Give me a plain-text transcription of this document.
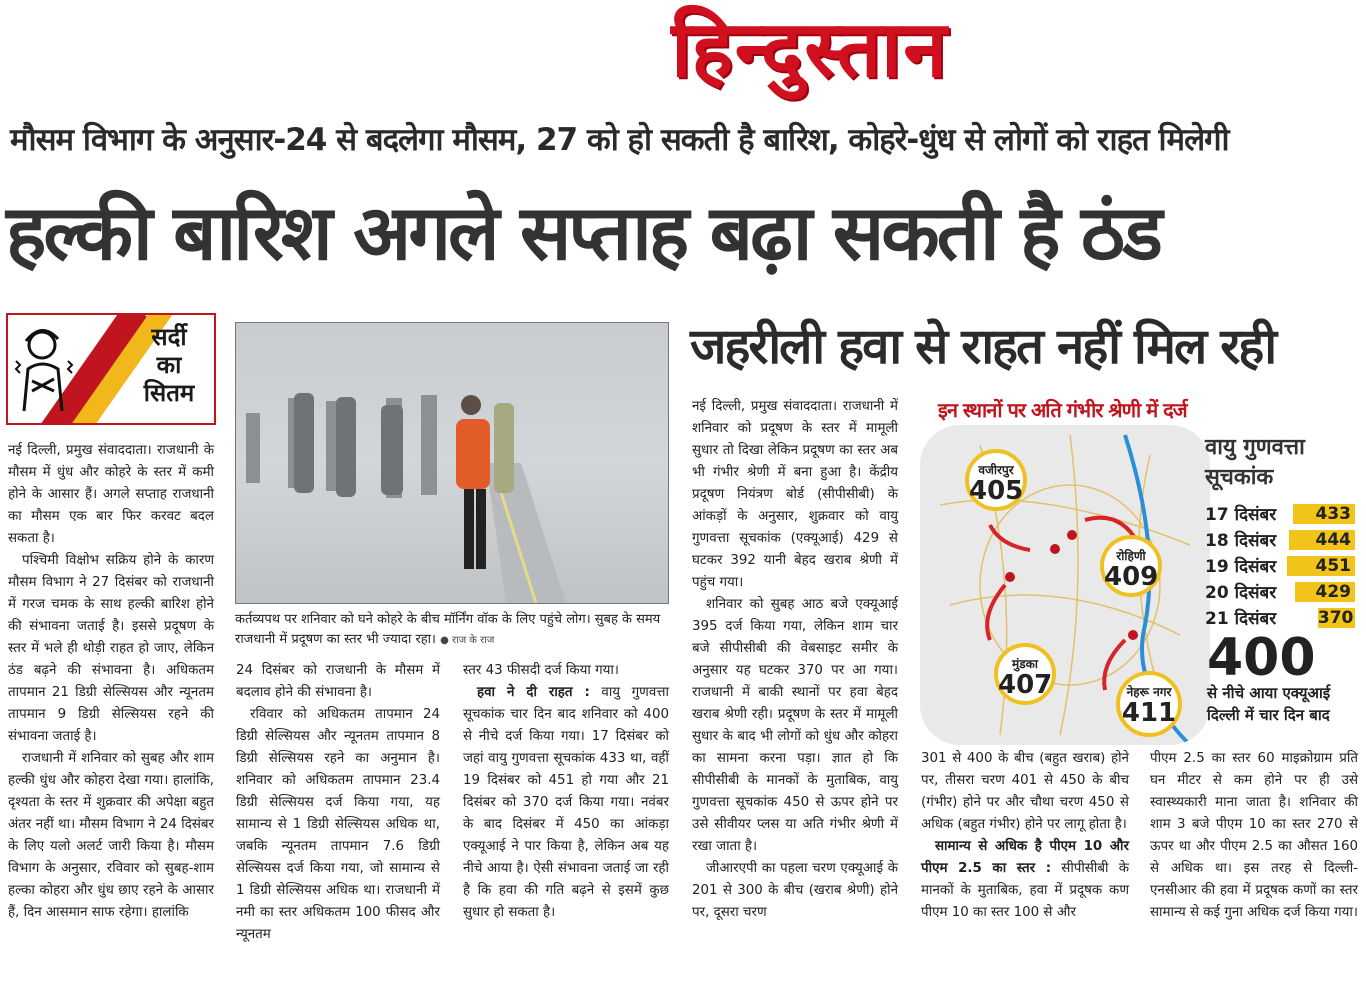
हिन्दुस्तान
मौसम विभाग के अनुसार-24 से बदलेगा मौसम, 27 को हो सकती है बारिश, कोहरे-धुंध से लोगों को राहत मिलेगी
हल्की बारिश अगले सप्ताह बढ़ा सकती है ठंड
जहरीली हवा से राहत नहीं मिल रही
सर्दी
का
सितम

नई दिल्ली, प्रमुख संवाददाता। राजधानी के मौसम में धुंध और कोहरे के स्तर में कमी होने के आसार हैं। अगले सप्ताह राजधानी का मौसम एक बार फिर करवट बदल सकता है।

पश्चिमी विक्षोभ सक्रिय होने के कारण मौसम विभाग ने 27 दिसंबर को राजधानी में गरज चमक के साथ हल्की बारिश होने की संभावना जताई है। इससे प्रदूषण के स्तर में भले ही थोड़ी राहत हो जाए, लेकिन ठंड बढ़ने की संभावना है। अधिकतम तापमान 21 डिग्री सेल्सियस और न्यूनतम तापमान 9 डिग्री सेल्सियस रहने की संभावना जताई है।

राजधानी में शनिवार को सुबह और शाम हल्की धुंध और कोहरा देखा गया। हालांकि, दृश्यता के स्तर में शुक्रवार की अपेक्षा बहुत अंतर नहीं था। मौसम विभाग ने 24 दिसंबर के लिए यलो अलर्ट जारी किया है। मौसम विभाग के अनुसार, रविवार को सुबह-शाम हल्का कोहरा और धुंध छाए रहने के आसार हैं, दिन आसमान साफ रहेगा। हालांकि

कर्तव्यपथ पर शनिवार को घने कोहरे के बीच मॉर्निंग वॉक के लिए पहुंचे लोग। सुबह के समय राजधानी में प्रदूषण का स्तर भी ज्यादा रहा। ● राज के राज

24 दिसंबर को राजधानी के मौसम में बदलाव होने की संभावना है।

रविवार को अधिकतम तापमान 24 डिग्री सेल्सियस और न्यूनतम तापमान 8 डिग्री सेल्सियस रहने का अनुमान है। शनिवार को अधिकतम तापमान 23.4 डिग्री सेल्सियस दर्ज किया गया, यह सामान्य से 1 डिग्री सेल्सियस अधिक था, जबकि न्यूनतम तापमान 7.6 डिग्री सेल्सियस दर्ज किया गया, जो सामान्य से 1 डिग्री सेल्सियस अधिक था। राजधानी में नमी का स्तर अधिकतम 100 फीसद और न्यूनतम

स्तर 43 फीसदी दर्ज किया गया।

हवा ने दी राहत : वायु गुणवत्ता सूचकांक चार दिन बाद शनिवार को 400 से नीचे दर्ज किया गया। 17 दिसंबर को जहां वायु गुणवत्ता सूचकांक 433 था, वहीं 19 दिसंबर को 451 हो गया और 21 दिसंबर को 370 दर्ज किया गया। नवंबर के बाद दिसंबर में 450 का आंकड़ा एक्यूआई ने पार किया है, लेकिन अब यह नीचे आया है। ऐसी संभावना जताई जा रही है कि हवा की गति बढ़ने से इसमें कुछ सुधार हो सकता है।

नई दिल्ली, प्रमुख संवाददाता। राजधानी में शनिवार को प्रदूषण के स्तर में मामूली सुधार तो दिखा लेकिन प्रदूषण का स्तर अब भी गंभीर श्रेणी में बना हुआ है। केंद्रीय प्रदूषण नियंत्रण बोर्ड (सीपीसीबी) के आंकड़ों के अनुसार, शुक्रवार को वायु गुणवत्ता सूचकांक (एक्यूआई) 429 से घटकर 392 यानी बेहद खराब श्रेणी में पहुंच गया।

शनिवार को सुबह आठ बजे एक्यूआई 395 दर्ज किया गया, लेकिन शाम चार बजे सीपीसीबी की वेबसाइट समीर के अनुसार यह घटकर 370 पर आ गया। राजधानी में बाकी स्थानों पर हवा बेहद खराब श्रेणी रही। प्रदूषण के स्तर में मामूली सुधार के बाद भी लोगों को धुंध और कोहरा का सामना करना पड़ा। ज्ञात हो कि सीपीसीबी के मानकों के मुताबिक, वायु गुणवत्ता सूचकांक 450 से ऊपर होने पर उसे सीवीयर प्लस या अति गंभीर श्रेणी में रखा जाता है।

जीआरएपी का पहला चरण एक्यूआई के 201 से 300 के बीच (खराब श्रेणी) होने पर, दूसरा चरण

इन स्थानों पर अति गंभीर श्रेणी में दर्ज
वजीरपुर
405
रोहिणी
409
मुंडका
407	नेहरू नगर
411
वायु गुणवत्ता सूचकांक
17 दिसंबर	433
18 दिसंबर	444
19 दिसंबर	451
20 दिसंबर	429
21 दिसंबर 370
400
से नीचे आया एक्यूआई दिल्ली में चार दिन बाद

301 से 400 के बीच (बहुत खराब) होने पर, तीसरा चरण 401 से 450 के बीच (गंभीर) होने पर और चौथा चरण 450 से अधिक (बहुत गंभीर) होने पर लागू होता है।

सामान्य से अधिक है पीएम 10 और पीएम 2.5 का स्तर : सीपीसीबी के मानकों के मुताबिक, हवा में प्रदूषक कण पीएम 10 का स्तर 100 से और

पीएम 2.5 का स्तर 60 माइक्रोग्राम प्रति घन मीटर से कम होने पर ही उसे स्वास्थ्यकारी माना जाता है। शनिवार की शाम 3 बजे पीएम 10 का स्तर 270 से ऊपर था और पीएम 2.5 का औसत 160 से अधिक था। इस तरह से दिल्ली-एनसीआर की हवा में प्रदूषक कणों का स्तर सामान्य से कई गुना अधिक दर्ज किया गया।
